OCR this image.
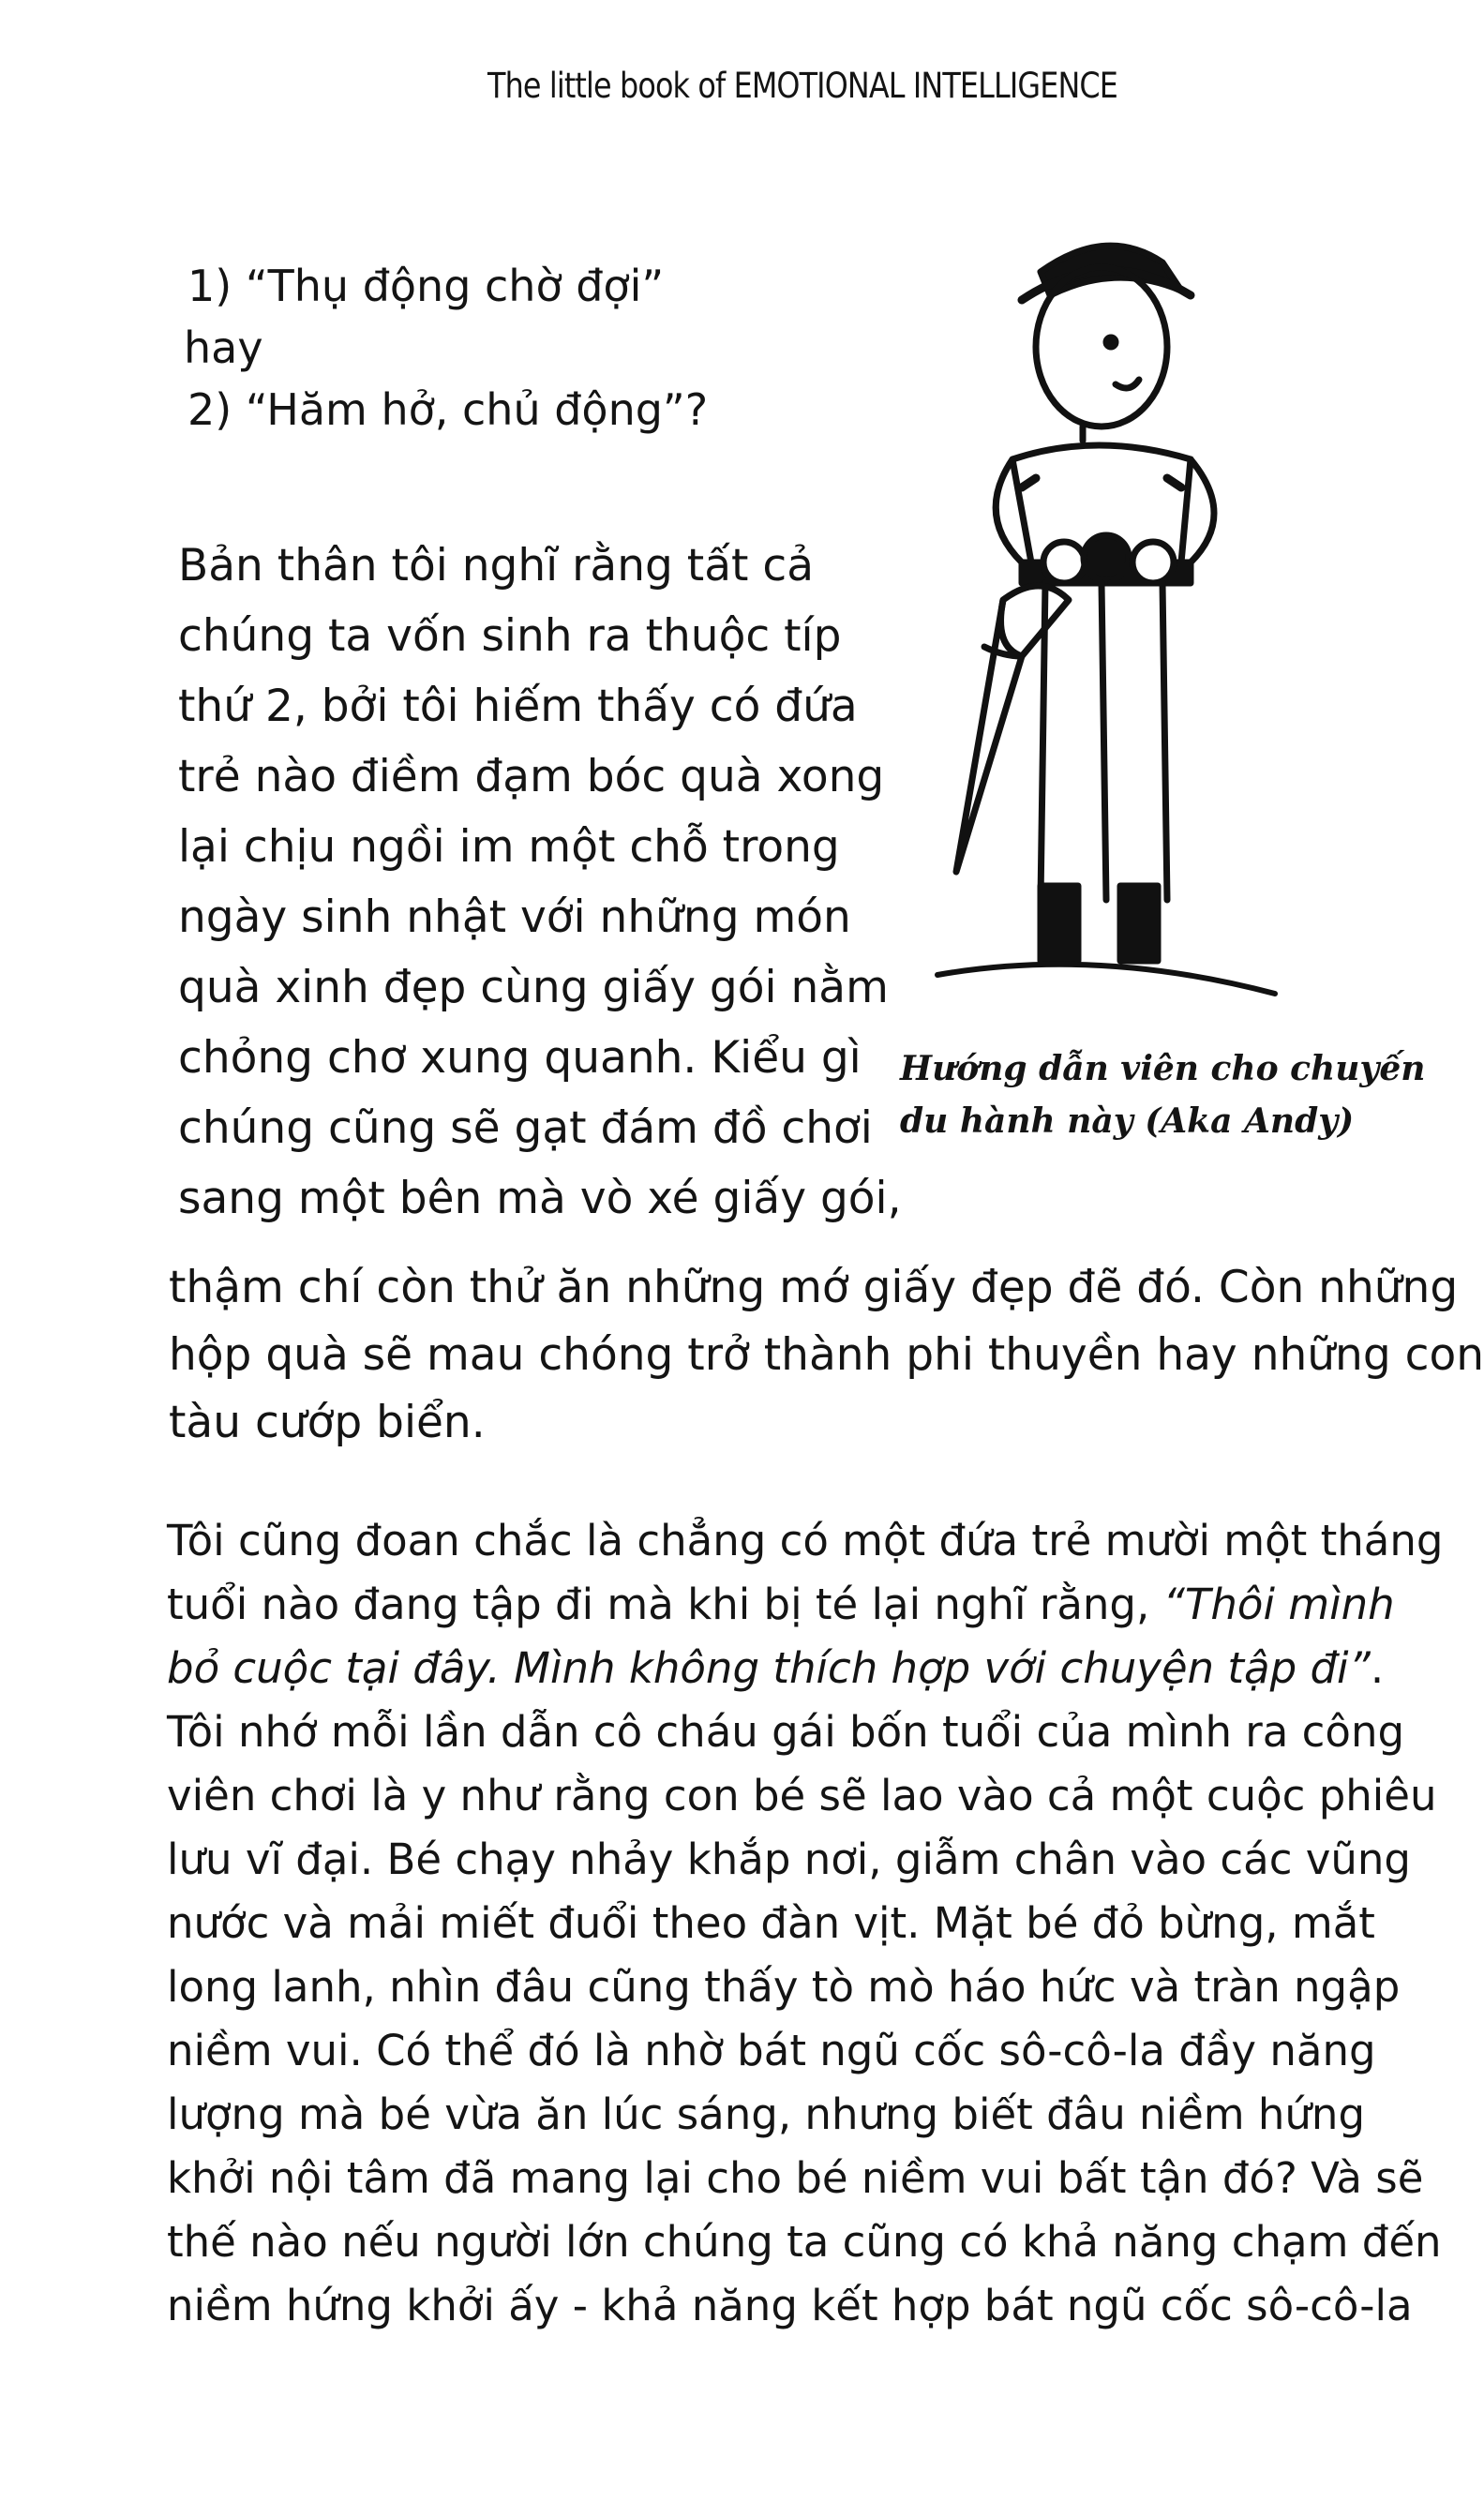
The little book of EMOTIONAL INTELLIGENCE
1) “Thụ động chờ đợi”
hay
2) “Hăm hở, chủ động”?
Bản thân tôi nghĩ rằng tất cả
chúng ta vốn sinh ra thuộc típ
thứ 2, bởi tôi hiếm thấy có đứa
trẻ nào điềm đạm bóc quà xong
lại chịu ngồi im một chỗ trong
ngày sinh nhật với những món
quà xinh đẹp cùng giấy gói nằm
chỏng chơ xung quanh. Kiểu gì
chúng cũng sẽ gạt đám đồ chơi
sang một bên mà vò xé giấy gói,
thậm chí còn thử ăn những mớ giấy đẹp đẽ đó. Còn những
hộp quà sẽ mau chóng trở thành phi thuyền hay những con
tàu cướp biển.
Hướng dẫn viên cho chuyến
du hành này (Aka Andy)
Tôi cũng đoan chắc là chẳng có một đứa trẻ mười một tháng
tuổi nào đang tập đi mà khi bị té lại nghĩ rằng, “Thôi mình
bỏ cuộc tại đây. Mình không thích hợp với chuyện tập đi”.
Tôi nhớ mỗi lần dẫn cô cháu gái bốn tuổi của mình ra công
viên chơi là y như rằng con bé sẽ lao vào cả một cuộc phiêu
lưu vĩ đại. Bé chạy nhảy khắp nơi, giẫm chân vào các vũng
nước và mải miết đuổi theo đàn vịt. Mặt bé đỏ bừng, mắt
long lanh, nhìn đâu cũng thấy tò mò háo hức và tràn ngập
niềm vui. Có thể đó là nhờ bát ngũ cốc sô-cô-la đầy năng
lượng mà bé vừa ăn lúc sáng, nhưng biết đâu niềm hứng
khởi nội tâm đã mang lại cho bé niềm vui bất tận đó? Và sẽ
thế nào nếu người lớn chúng ta cũng có khả năng chạm đến
niềm hứng khởi ấy - khả năng kết hợp bát ngũ cốc sô-cô-la
